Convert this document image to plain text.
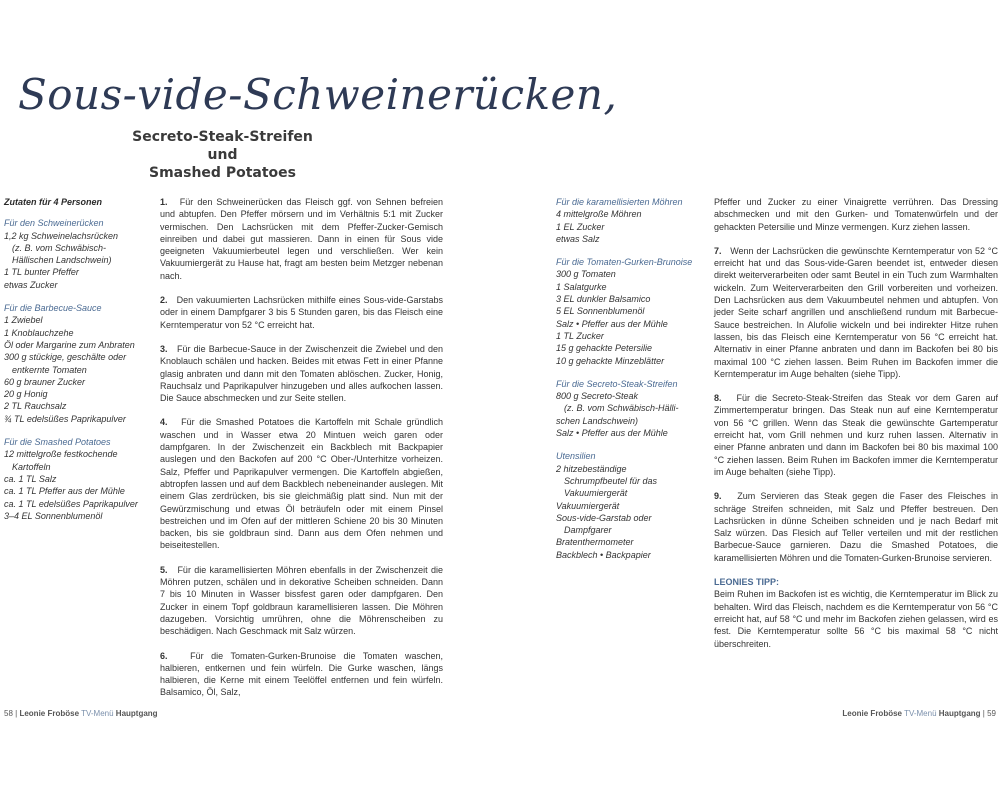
Sous-vide-Schweinerücken,
Secreto-Steak-Streifen und
Smashed Potatoes
Zutaten für 4 Personen
Für den Schweinerücken
1,2 kg Schweinelachsrücken
(z. B. vom Schwäbisch-
Hällischen Landschwein)
1 TL bunter Pfeffer
etwas Zucker
Für die Barbecue-Sauce
1 Zwiebel
1 Knoblauchzehe
Öl oder Margarine zum Anbraten
300 g stückige, geschälte oder
entkernte Tomaten
60 g brauner Zucker
20 g Honig
2 TL Rauchsalz
¾ TL edelsüßes Paprikapulver
Für die Smashed Potatoes
12 mittelgroße festkochende
Kartoffeln
ca. 1 TL Salz
ca. 1 TL Pfeffer aus der Mühle
ca. 1 TL edelsüßes Paprikapulver
3–4 EL Sonnenblumenöl

1. Für den Schweinerücken das Fleisch ggf. von Sehnen befreien und abtupfen. Den Pfeffer mörsern und im Verhältnis 5:1 mit Zucker vermischen. Den Lachsrücken mit dem Pfeffer-Zucker-Gemisch einreiben und dabei gut massieren. Dann in einen für Sous vide geeigneten Vakuumierbeutel legen und verschließen. Wer kein Vakuumiergerät zu Hause hat, fragt am besten beim Metzger nebenan nach.

2. Den vakuumierten Lachsrücken mithilfe eines Sous-vide-Garstabs oder in einem Dampfgarer 3 bis 5 Stunden garen, bis das Fleisch eine Kerntemperatur von 52 °C erreicht hat.

3. Für die Barbecue-Sauce in der Zwischenzeit die Zwiebel und den Knoblauch schälen und hacken. Beides mit etwas Fett in einer Pfanne glasig anbraten und dann mit den Tomaten ablöschen. Zucker, Honig, Rauchsalz und Paprikapulver hinzugeben und alles aufkochen lassen. Die Sauce abschmecken und zur Seite stellen.

4. Für die Smashed Potatoes die Kartoffeln mit Schale gründlich waschen und in Wasser etwa 20 Mintuen weich garen oder dampfgaren. In der Zwischenzeit ein Backblech mit Backpapier auslegen und den Backofen auf 200 °C Ober-/Unterhitze vorheizen. Salz, Pfeffer und Paprikapulver vermengen. Die Kartoffeln abgießen, abtropfen lassen und auf dem Backblech nebeneinander auslegen. Mit einem Glas zerdrücken, bis sie gleichmäßig platt sind. Nun mit der Gewürzmischung und etwas Öl beträufeln oder mit einem Pinsel bestreichen und im Ofen auf der mittleren Schiene 20 bis 30 Minuten backen, bis sie goldbraun sind. Dann aus dem Ofen nehmen und beiseitestellen.

5. Für die karamellisierten Möhren ebenfalls in der Zwischenzeit die Möhren putzen, schälen und in dekorative Scheiben schneiden. Dann 7 bis 10 Minuten in Wasser bissfest garen oder dampfgaren. Den Zucker in einem Topf goldbraun karamellisieren lassen. Die Möhren dazugeben. Vorsichtig umrühren, ohne die Möhrenscheiben zu beschädigen. Nach Geschmack mit Salz würzen.

6.	Für die Tomaten-Gurken-Brunoise die Tomaten waschen, halbieren, entkernen und fein würfeln. Die Gurke waschen, längs halbieren, die Kerne mit einem Teelöffel entfernen und fein würfeln. Balsamico, Öl, Salz,

Für die karamellisierten Möhren
4 mittelgroße Möhren
1 EL Zucker
etwas Salz
Für die Tomaten-Gurken-Brunoise
300 g Tomaten
1 Salatgurke
3 EL dunkler Balsamico
5 EL Sonnenblumenöl
Salz • Pfeffer aus der Mühle
1 TL Zucker
15 g gehackte Petersilie
10 g gehackte Minzeblätter
Für die Secreto-Steak-Streifen
800 g Secreto-Steak
(z. B. vom Schwäbisch-Hälli-
schen Landschwein)
Salz • Pfeffer aus der Mühle
Utensilien
2 hitzebeständige
Schrumpfbeutel für das
Vakuumiergerät
Vakuumiergerät
Sous-vide-Garstab oder
Dampfgarer
Bratenthermometer
Backblech • Backpapier

Pfeffer und Zucker zu einer Vinaigrette verrühren. Das Dressing abschmecken und mit den Gurken- und Tomatenwürfeln und der gehackten Petersilie und Minze vermengen. Kurz ziehen lassen.

7. Wenn der Lachsrücken die gewünschte Kerntemperatur von 52 °C erreicht hat und das Sous-vide-Garen beendet ist, entweder diesen direkt weiterverarbeiten oder samt Beutel in ein Tuch zum Warmhalten wickeln. Zum Weiterverarbeiten den Grill vorbereiten und vorheizen. Den Lachsrücken aus dem Vakuumbeutel nehmen und abtupfen. Von jeder Seite scharf angrillen und anschließend rundum mit Barbecue-Sauce bestreichen. In Alufolie wickeln und bei indirekter Hitze ruhen lassen, bis das Fleisch eine Kerntemperatur von 56 °C erreicht hat. Alternativ in einer Pfanne anbraten und dann im Backofen bei 80 bis maximal 100 °C ziehen lassen. Beim Ruhen im Backofen immer die Kerntemperatur im Auge behalten (siehe Tipp).

8. Für die Secreto-Steak-Streifen das Steak vor dem Garen auf Zimmertemperatur bringen. Das Steak nun auf eine Kerntemperatur von 56 °C grillen. Wenn das Steak die gewünschte Gartemperatur erreicht hat, vom Grill nehmen und kurz ruhen lassen. Alternativ in einer Pfanne anbraten und dann im Backofen bei 80 bis maximal 100 °C ziehen lassen. Beim Ruhen im Backofen immer die Kerntemperatur im Auge behalten (siehe Tipp).

9. Zum Servieren das Steak gegen die Faser des Fleisches in schräge Streifen schneiden, mit Salz und Pfeffer bestreuen. Den Lachsrücken in dünne Scheiben schneiden und je nach Bedarf mit Salz würzen. Das Flesich auf Teller verteilen und mit der restlichen Barbecue-Sauce garnieren. Dazu die Smashed Potatoes, die karamellisierten Möhren und die Tomaten-Gurken-Brunoise servieren.

LEONIES TIPP:

Beim Ruhen im Backofen ist es wichtig, die Kerntemperatur im Blick zu behalten. Wird das Fleisch, nachdem es die Kerntemperatur von 56 °C erreicht hat, auf 58 °C und mehr im Backofen ziehen gelassen, wird es fest. Die Kerntemperatur sollte 56 °C bis maximal 58 °C nicht überschreiten.

58 | Leonie Froböse TV-Menü Hauptgang	Leonie Froböse TV-Menü Hauptgang | 59
